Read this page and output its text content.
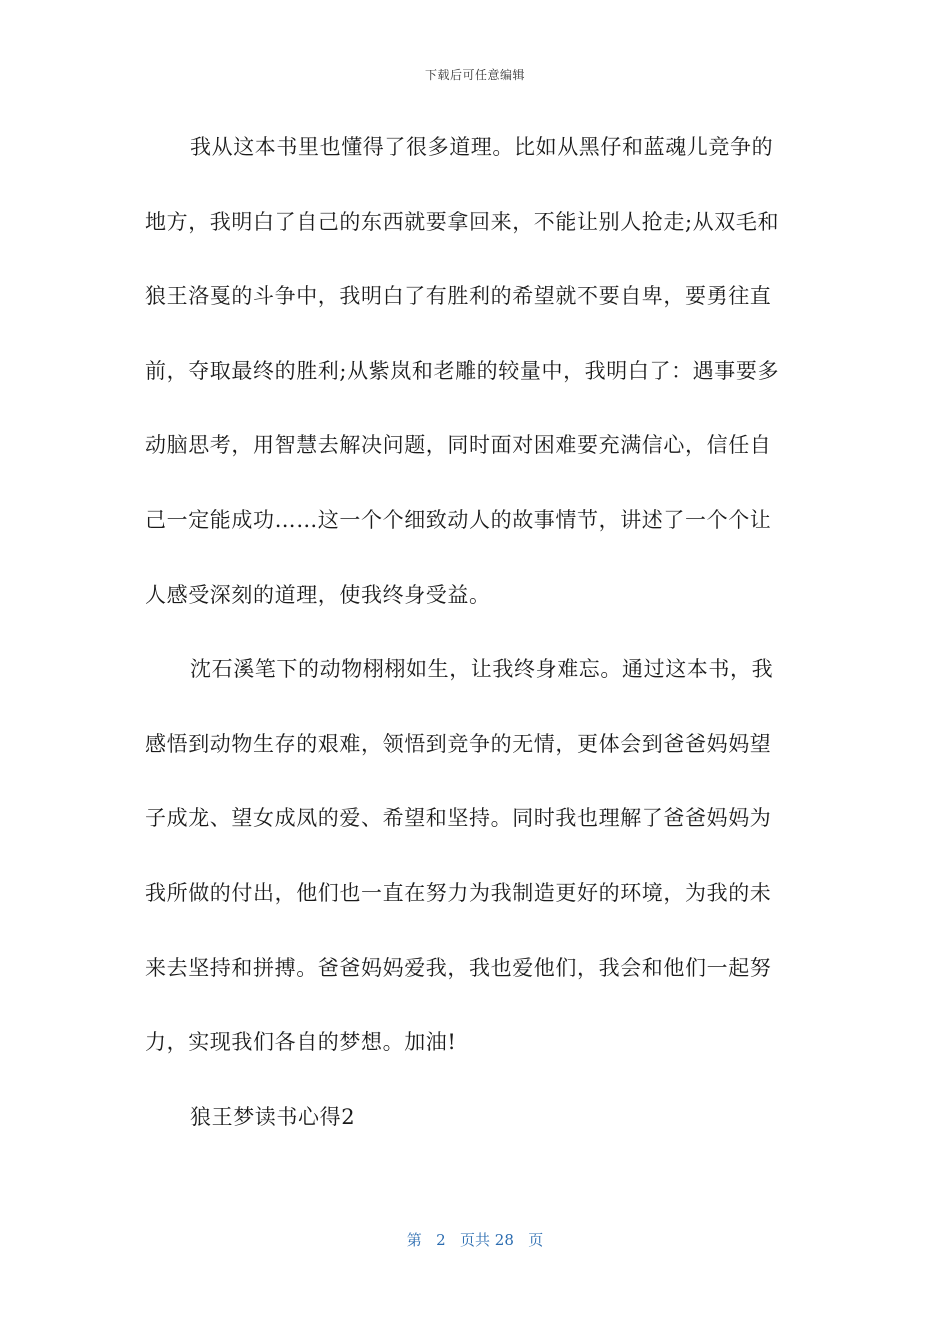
下载后可任意编辑
我从这本书里也懂得了很多道理。比如从黑仔和蓝魂儿竞争的
地方，我明白了自己的东西就要拿回来，不能让别人抢走;从双毛和
狼王洛戛的斗争中，我明白了有胜利的希望就不要自卑，要勇往直
前，夺取最终的胜利;从紫岚和老雕的较量中，我明白了：遇事要多
动脑思考，用智慧去解决问题，同时面对困难要充满信心，信任自
己一定能成功……这一个个细致动人的故事情节，讲述了一个个让
人感受深刻的道理，使我终身受益。
沈石溪笔下的动物栩栩如生，让我终身难忘。通过这本书，我
感悟到动物生存的艰难，领悟到竞争的无情，更体会到爸爸妈妈望
子成龙、望女成凤的爱、希望和坚持。同时我也理解了爸爸妈妈为
我所做的付出，他们也一直在努力为我制造更好的环境，为我的未
来去坚持和拼搏。爸爸妈妈爱我，我也爱他们，我会和他们一起努
力，实现我们各自的梦想。加油!
狼王梦读书心得2
第 2 页共 28 页
